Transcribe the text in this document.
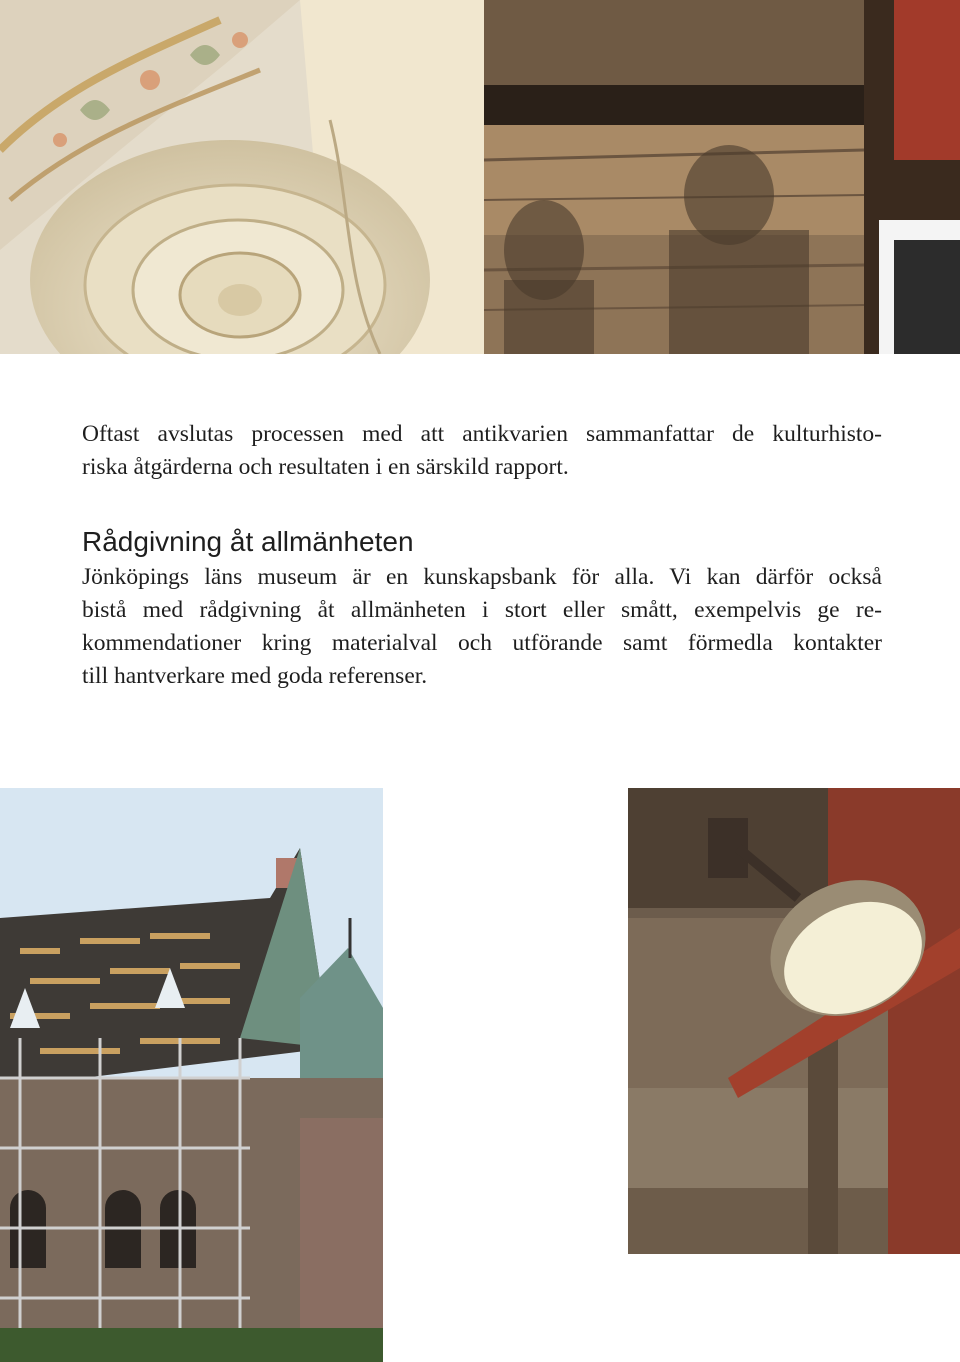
Oftast avslutas processen med att antikvarien sammanfattar de kulturhisto-
riska åtgärderna och resultaten i en särskild rapport.
Rådgivning åt allmänheten
Jönköpings läns museum är en kunskapsbank för alla. Vi kan därför också
bistå med rådgivning åt allmänheten i stort eller smått, exempelvis ge re-
kommendationer kring materialval och utförande samt förmedla kontakter
till hantverkare med goda referenser.
